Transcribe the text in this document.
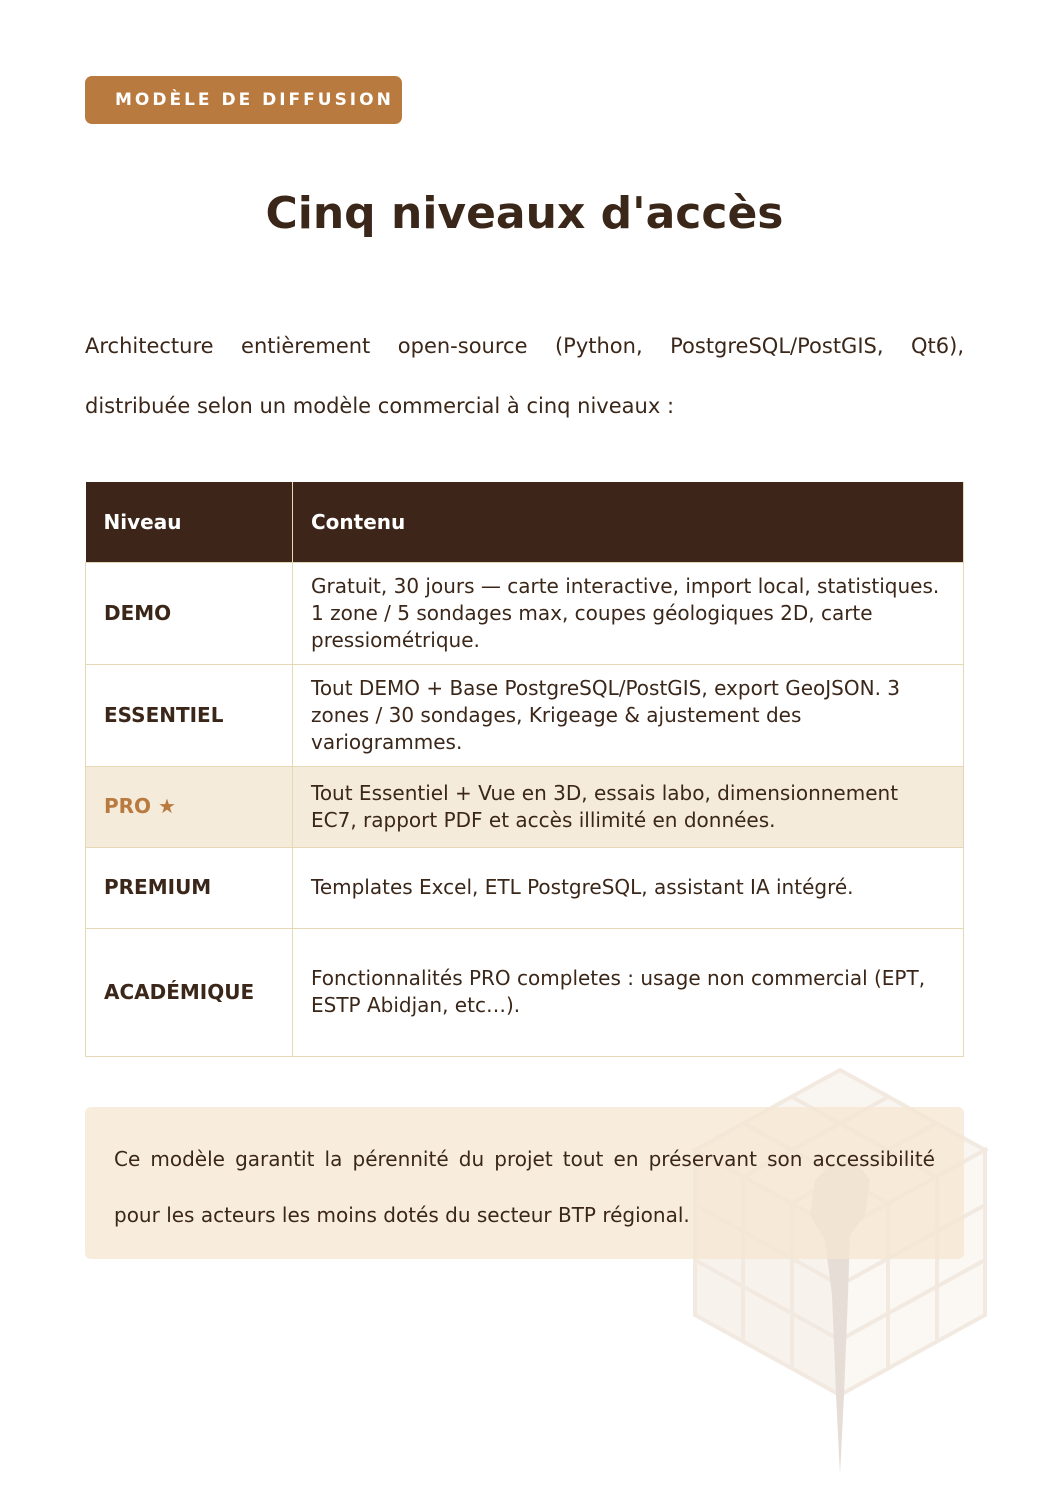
MODÈLE DE DIFFUSION
Cinq niveaux d'accès

Architecture entièrement open-source (Python, PostgreSQL/PostGIS, Qt6), distribuée selon un modèle commercial à cinq niveaux :

Niveau	Contenu
DEMO	Gratuit, 30 jours — carte interactive, import local, statistiques. 1 zone / 5 sondages max, coupes géologiques 2D, carte pressiométrique.
ESSENTIEL	Tout DEMO + Base PostgreSQL/PostGIS, export GeoJSON. 3 zones / 30 sondages, Krigeage & ajustement des variogrammes.
PRO ★	Tout Essentiel + Vue en 3D, essais labo, dimensionnement EC7, rapport PDF et accès illimité en données.
PREMIUM	Templates Excel, ETL PostgreSQL, assistant IA intégré.
ACADÉMIQUE	Fonctionnalités PRO completes : usage non commercial (EPT, ESTP Abidjan, etc…).

Ce modèle garantit la pérennité du projet tout en préservant son accessibilité pour les acteurs les moins dotés du secteur BTP régional.
